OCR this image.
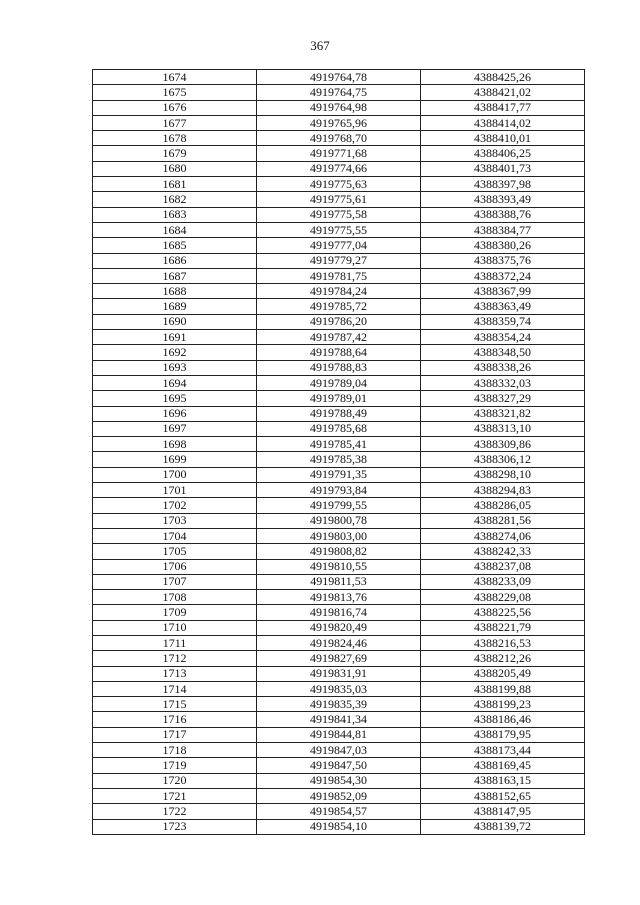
367
1674	4919764,78	4388425,26
1675	4919764,75	4388421,02
1676	4919764,98	4388417,77
1677	4919765,96	4388414,02
1678	4919768,70	4388410,01
1679	4919771,68	4388406,25
1680	4919774,66	4388401,73
1681	4919775,63	4388397,98
1682	4919775,61	4388393,49
1683	4919775,58	4388388,76
1684	4919775,55	4388384,77
1685	4919777,04	4388380,26
1686	4919779,27	4388375,76
1687	4919781,75	4388372,24
1688	4919784,24	4388367,99
1689	4919785,72	4388363,49
1690	4919786,20	4388359,74
1691	4919787,42	4388354,24
1692	4919788,64	4388348,50
1693	4919788,83	4388338,26
1694	4919789,04	4388332,03
1695	4919789,01	4388327,29
1696	4919788,49	4388321,82
1697	4919785,68	4388313,10
1698	4919785,41	4388309,86
1699	4919785,38	4388306,12
1700	4919791,35	4388298,10
1701	4919793,84	4388294,83
1702	4919799,55	4388286,05
1703	4919800,78	4388281,56
1704	4919803,00	4388274,06
1705	4919808,82	4388242,33
1706	4919810,55	4388237,08
1707	4919811,53	4388233,09
1708	4919813,76	4388229,08
1709	4919816,74	4388225,56
1710	4919820,49	4388221,79
1711	4919824,46	4388216,53
1712	4919827,69	4388212,26
1713	4919831,91	4388205,49
1714	4919835,03	4388199,88
1715	4919835,39	4388199,23
1716	4919841,34	4388186,46
1717	4919844,81	4388179,95
1718	4919847,03	4388173,44
1719	4919847,50	4388169,45
1720	4919854,30	4388163,15
1721	4919852,09	4388152,65
1722	4919854,57	4388147,95
1723	4919854,10	4388139,72
